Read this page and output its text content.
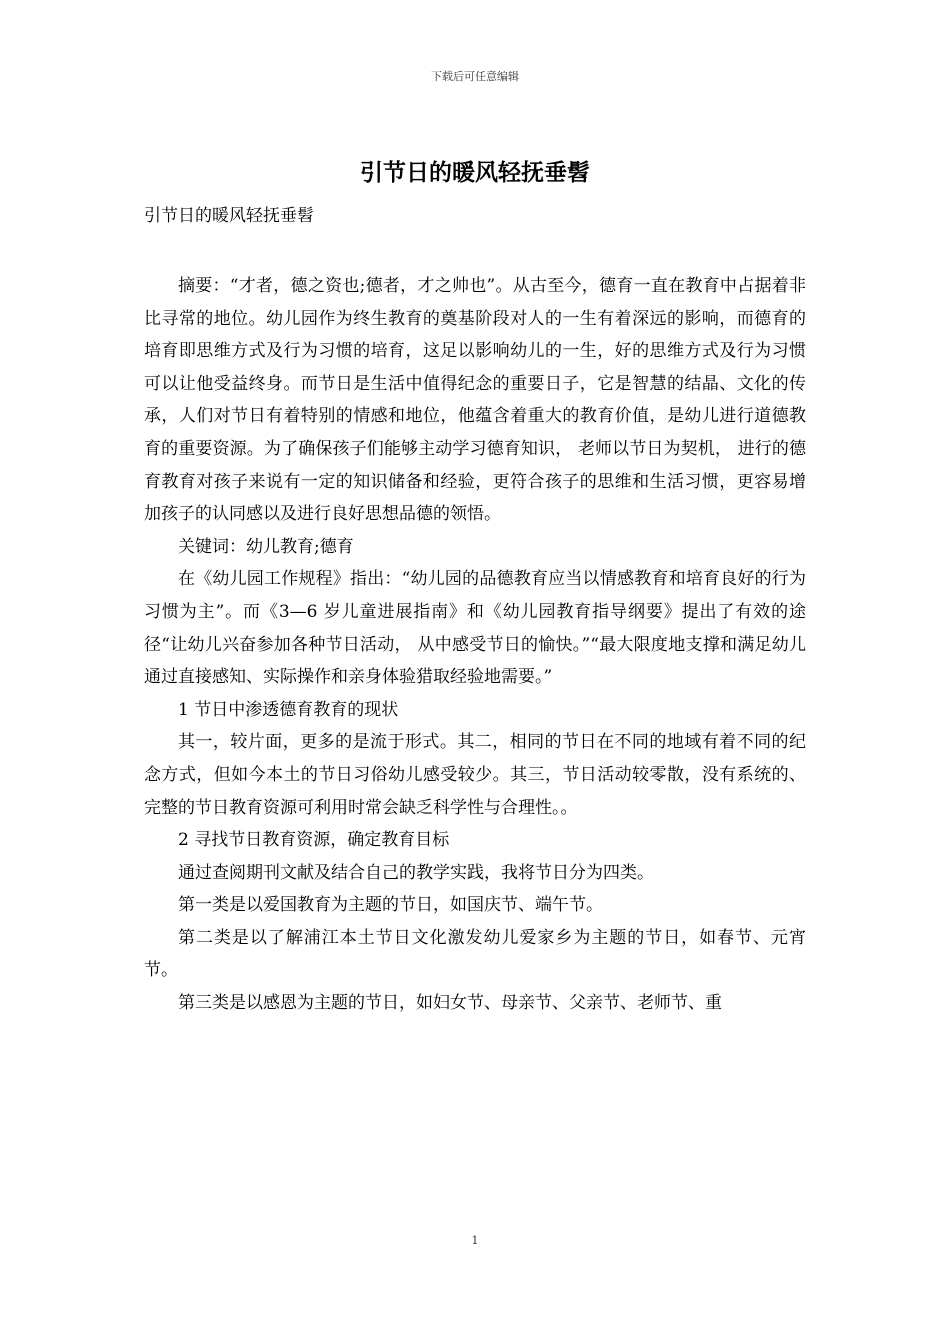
下载后可任意编辑
引节日的暖风轻抚垂髫
引节日的暖风轻抚垂髫

摘要：“才者，德之资也;德者，才之帅也”。从古至今，德育一直在教育中占据着非比寻常的地位。幼儿园作为终生教育的奠基阶段对人的一生有着深远的影响，而德育的培育即思维方式及行为习惯的培育，这足以影响幼儿的一生，好的思维方式及行为习惯可以让他受益终身。而节日是生活中值得纪念的重要日子，它是智慧的结晶、文化的传承，人们对节日有着特别的情感和地位，他蕴含着重大的教育价值，是幼儿进行道德教育的重要资源。为了确保孩子们能够主动学习德育知识， 老师以节日为契机， 进行的德育教育对孩子来说有一定的知识储备和经验，更符合孩子的思维和生活习惯，更容易增加孩子的认同感以及进行良好思想品德的领悟。

关键词：幼儿教育;德育

在《幼儿园工作规程》指出：“幼儿园的品德教育应当以情感教育和培育良好的行为习惯为主”。而《3—6 岁儿童进展指南》和《幼儿园教育指导纲要》提出了有效的途径“让幼儿兴奋参加各种节日活动， 从中感受节日的愉快。”“最大限度地支撑和满足幼儿通过直接感知、实际操作和亲身体验猎取经验地需要。”

1 节日中渗透德育教育的现状

其一，较片面，更多的是流于形式。其二，相同的节日在不同的地域有着不同的纪念方式，但如今本土的节日习俗幼儿感受较少。其三，节日活动较零散，没有系统的、完整的节日教育资源可利用时常会缺乏科学性与合理性。。

2 寻找节日教育资源，确定教育目标

通过查阅期刊文献及结合自己的教学实践，我将节日分为四类。

第一类是以爱国教育为主题的节日，如国庆节、端午节。

第二类是以了解浦江本土节日文化激发幼儿爱家乡为主题的节日，如春节、元宵节。

第三类是以感恩为主题的节日，如妇女节、母亲节、父亲节、老师节、重

1
